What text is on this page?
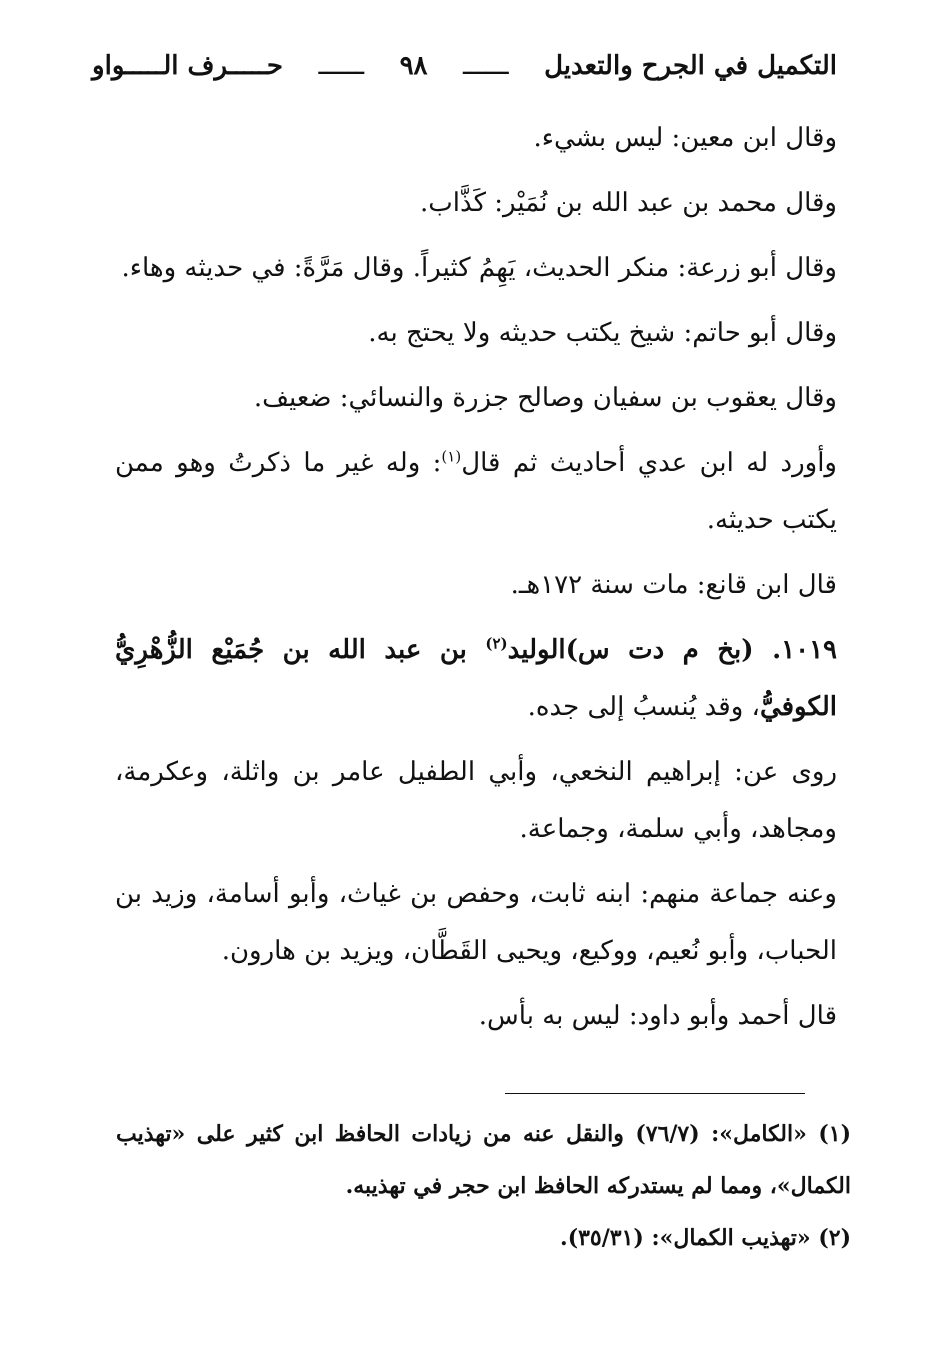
التكميل في الجرح والتعديل
ــــــ
٩٨
ــــــ
حـــــرف الـــــواو

وقال ابن معين: ليس بشيء.

وقال محمد بن عبد الله بن نُمَيْر: كَذَّاب.

وقال أبو زرعة: منكر الحديث، يَهِمُ كثيراً. وقال مَرَّةً: في حديثه وهاء.

وقال أبو حاتم: شيخ يكتب حديثه ولا يحتج به.

وقال يعقوب بن سفيان وصالح جزرة والنسائي: ضعيف.

وأورد له ابن عدي أحاديث ثم قال$^{(١)}$: وله غير ما ذكرتُ وهو ممن يكتب حديثه.

قال ابن قانع: مات سنة ١٧٢هـ.

١٠١٩. (بخ م دت س)الوليد$^{(٢)}$ بن عبد الله بن جُمَيْع الزُّهْرِيُّ الكوفيُّ، وقد يُنسبُ إلى جده.

روى عن: إبراهيم النخعي، وأبي الطفيل عامر بن واثلة، وعكرمة، ومجاهد، وأبي سلمة، وجماعة.

وعنه جماعة منهم: ابنه ثابت، وحفص بن غياث، وأبو أسامة، وزيد بن الحباب، وأبو نُعيم، ووكيع، ويحيى القَطَّان، ويزيد بن هارون.

قال أحمد وأبو داود: ليس به بأس.

(١) «الكامل»: (٧٦/٧) والنقل عنه من زيادات الحافظ ابن كثير على «تهذيب الكمال»، ومما لم يستدركه الحافظ ابن حجر في تهذيبه.

(٢) «تهذيب الكمال»: (٣٥/٣١).
